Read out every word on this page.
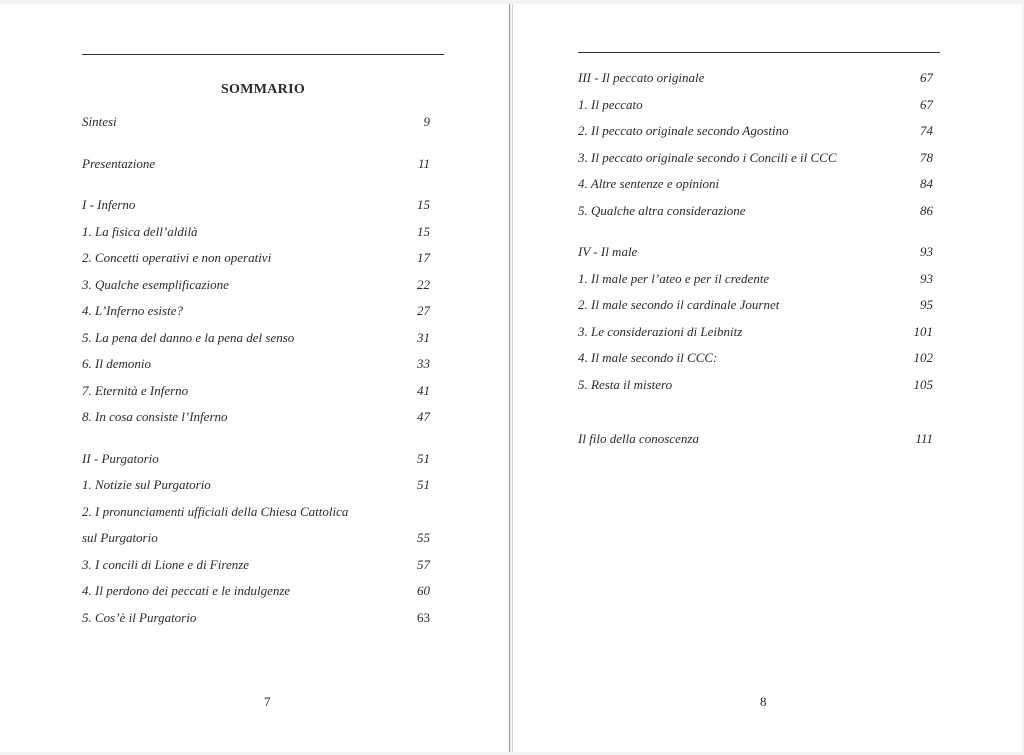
SOMMARIO
Sintesi	9
Presentazione	11
I - Inferno	15
1. La fisica dell’aldilà	15
2. Concetti operativi e non operativi	17
3. Qualche esemplificazione	22
4. L’Inferno esiste?	27
5. La pena del danno e la pena del senso	31
6. Il demonio	33
7. Eternità e Inferno	41
8. In cosa consiste l’Inferno	47
II - Purgatorio	51
1. Notizie sul Purgatorio	51
2. I pronunciamenti ufficiali della Chiesa Cattolica
sul Purgatorio	55
3. I concili di Lione e di Firenze	57
4. Il perdono dei peccati e le indulgenze	60
5. Cos’è il Purgatorio	63
7
III - Il peccato originale	67
1. Il peccato	67
2. Il peccato originale secondo Agostino	74
3. Il peccato originale secondo i Concili e il CCC	78
4. Altre sentenze e opinioni	84
5. Qualche altra considerazione	86
IV - Il male	93
1. Il male per l’ateo e per il credente	93
2. Il male secondo il cardinale Journet	95
3. Le considerazioni di Leibnitz	101
4. Il male secondo il CCC:	102
5. Resta il mistero	105
Il filo della conoscenza	111
8
